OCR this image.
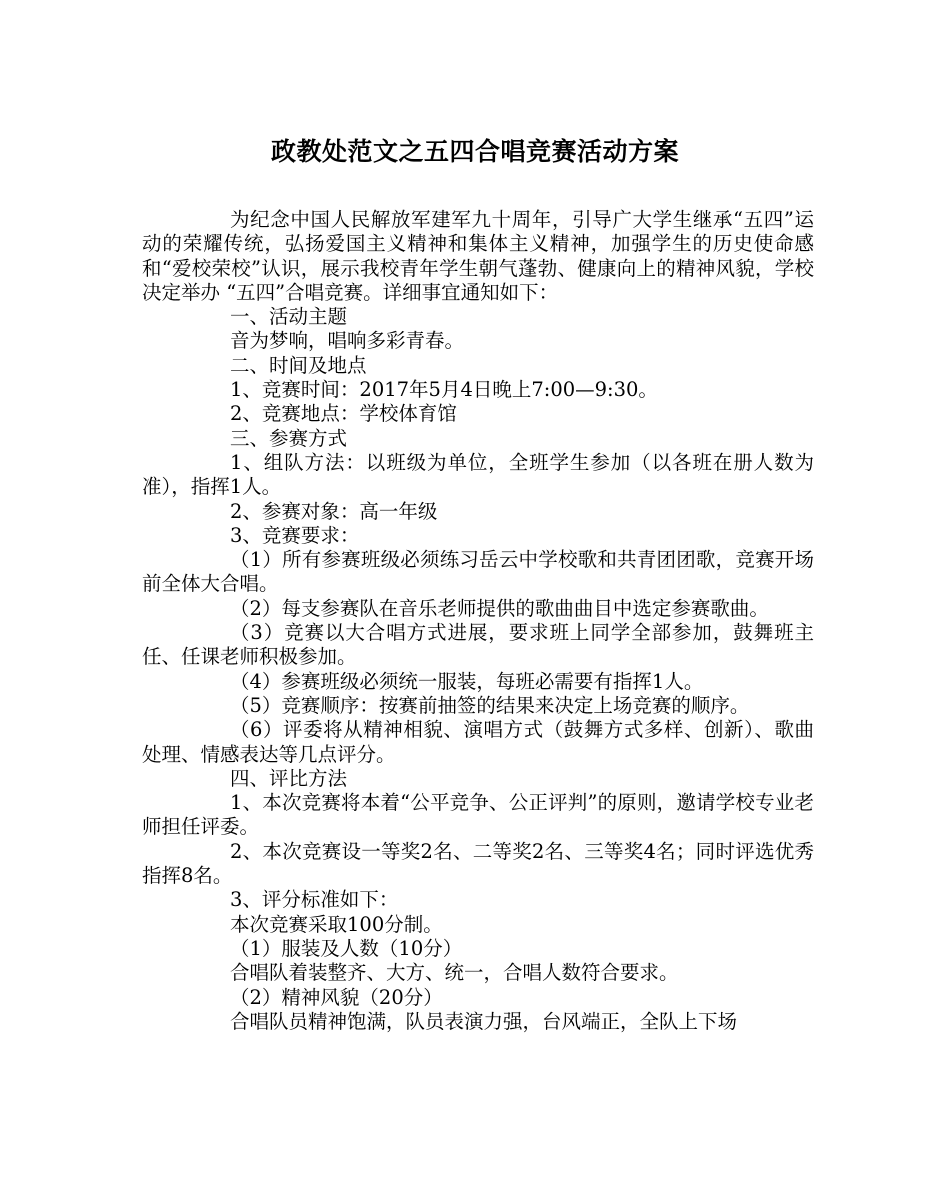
政教处范文之五四合唱竞赛活动方案

为纪念中国人民解放军建军九十周年，引导广大学生继承“五四”运动的荣耀传统，弘扬爱国主义精神和集体主义精神，加强学生的历史使命感和“爱校荣校”认识，展示我校青年学生朝气蓬勃、健康向上的精神风貌，学校决定举办 “五四”合唱竞赛。详细事宜通知如下：

一、活动主题

音为梦响，唱响多彩青春。

二、时间及地点

1、竞赛时间：2017年5月4日晚上7:00—9:30。

2、竞赛地点：学校体育馆

三、参赛方式

1、组队方法：以班级为单位，全班学生参加（以各班在册人数为准），指挥1人。

2、参赛对象：高一年级

3、竞赛要求：

（1）所有参赛班级必须练习岳云中学校歌和共青团团歌，竞赛开场前全体大合唱。

（2）每支参赛队在音乐老师提供的歌曲曲目中选定参赛歌曲。

（3）竞赛以大合唱方式进展，要求班上同学全部参加，鼓舞班主任、任课老师积极参加。

（4）参赛班级必须统一服装，每班必需要有指挥1人。

（5）竞赛顺序：按赛前抽签的结果来决定上场竞赛的顺序。

（6）评委将从精神相貌、演唱方式（鼓舞方式多样、创新）、歌曲处理、情感表达等几点评分。

四、评比方法

1、本次竞赛将本着“公平竞争、公正评判”的原则，邀请学校专业老师担任评委。

2、本次竞赛设一等奖2名、二等奖2名、三等奖4名；同时评选优秀指挥8名。

3、评分标准如下：

本次竞赛采取100分制。

（1）服装及人数（10分）

合唱队着装整齐、大方、统一，合唱人数符合要求。

（2）精神风貌（20分）

合唱队员精神饱满，队员表演力强，台风端正，全队上下场
